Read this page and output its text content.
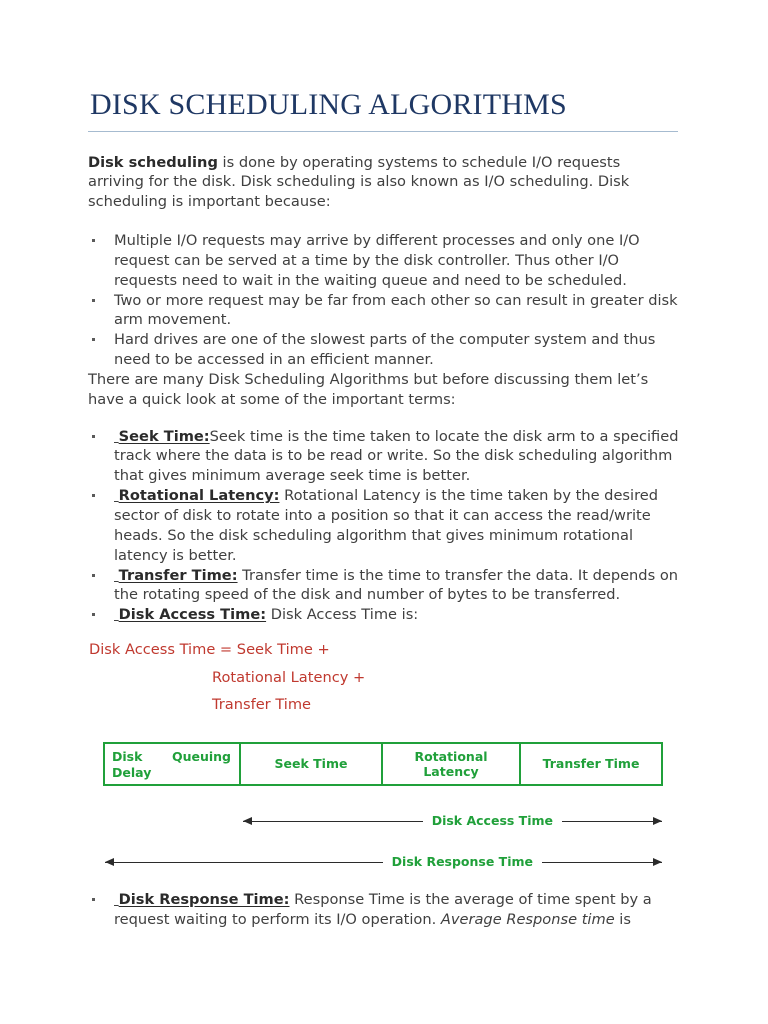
DISK SCHEDULING ALGORITHMS

Disk scheduling is done by operating systems to schedule I/O requests arriving for the disk. Disk scheduling is also known as I/O scheduling. Disk scheduling is important because:

Multiple I/O requests may arrive by different processes and only one I/O request can be served at a time by the disk controller. Thus other I/O requests need to wait in the waiting queue and need to be scheduled.
Two or more request may be far from each other so can result in greater disk arm movement.
Hard drives are one of the slowest parts of the computer system and thus need to be accessed in an efficient manner.

There are many Disk Scheduling Algorithms but before discussing them let’s have a quick look at some of the important terms:

Seek Time:Seek time is the time taken to locate the disk arm to a specified track where the data is to be read or write. So the disk scheduling algorithm that gives minimum average seek time is better.
Rotational Latency: Rotational Latency is the time taken by the desired sector of disk to rotate into a position so that it can access the read/write heads. So the disk scheduling algorithm that gives minimum rotational latency is better.
Transfer Time: Transfer time is the time to transfer the data. It depends on the rotating speed of the disk and number of bytes to be transferred.
Disk Access Time: Disk Access Time is:

Disk Access Time = Seek Time +

Rotational Latency +

Transfer Time

Disk
Delay
Queuing	Seek Time
Rotational
Latency
Transfer Time
Disk Access Time
Disk Response Time
Disk Response Time: Response Time is the average of time spent by a request waiting to perform its I/O operation. Average Response time is
